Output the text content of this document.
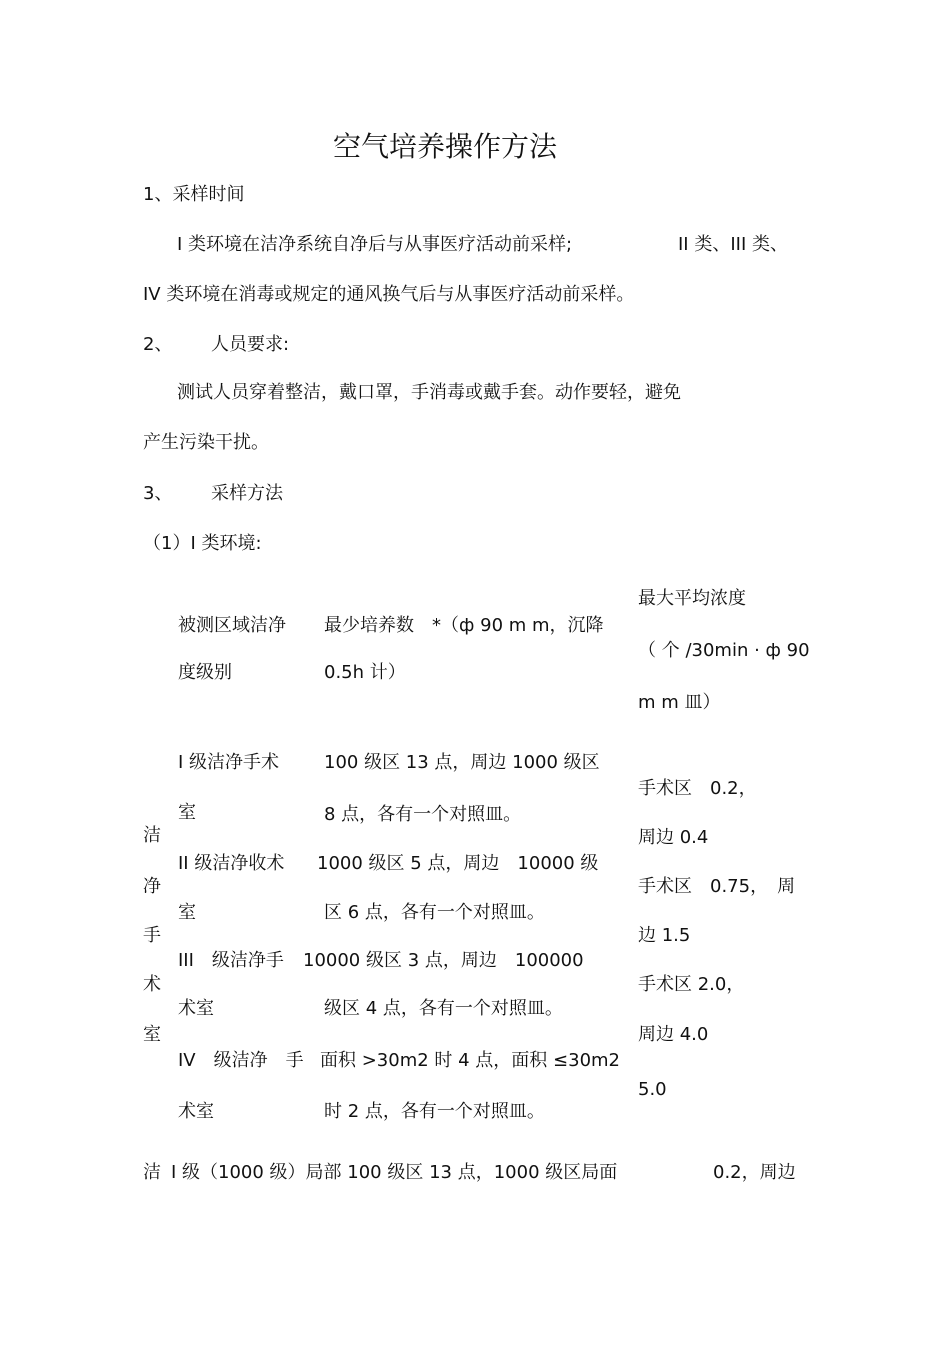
空气培养操作方法
1、采样时间
I 类环境在洁净系统自净后与从事医疗活动前采样;	II 类、III 类、
IV 类环境在消毒或规定的通风换气后与从事医疗活动前采样。
2、 人员要求:
测试人员穿着整洁，戴口罩，手消毒或戴手套。动作要轻，避免
产生污染干扰。
3、 采样方法
（1）I 类环境:
被测区域洁净
度级别
最少培养数　*（ф 90 m m，沉降
0.5h 计）
最大平均浓度
（ 个 /30min · ф 90
m m 皿）
洁
净
手
术
室
I 级洁净手术
室
100 级区 13 点，周边 1000 级区
8 点，各有一个对照皿。
手术区　0.2，
周边 0.4
II 级洁净收术
室
1000 级区 5 点，周边　10000 级
区 6 点，各有一个对照皿。
手术区　0.75，　周
边 1.5
III　级洁净手
术室
10000 级区 3 点，周边　100000
级区 4 点，各有一个对照皿。
手术区 2.0，
周边 4.0
IV　级洁净　手
术室
面积 >30m2 时 4 点，面积 ≤30m2
时 2 点，各有一个对照皿。
5.0
洁 I 级（1000 级）局部 100 级区 13 点，1000 级区局面	0.2，周边
